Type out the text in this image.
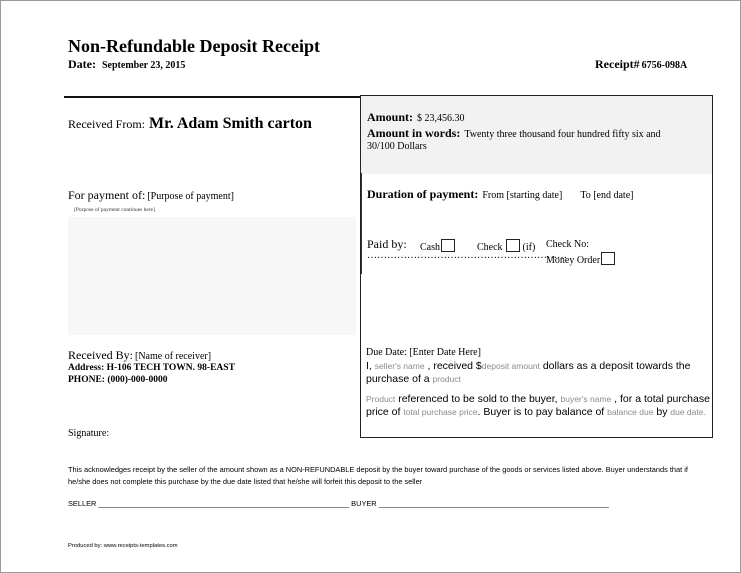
Non-Refundable Deposit Receipt
Date: September 23, 2015	Receipt# 6756-098A
Received From: Mr. Adam Smith carton	Amount: $ 23,456.30
Amount in words: Twenty three thousand four hundred fifty six and
30/100 Dollars
For payment of: [Purpose of payment]
[Purpose of payment continues here]
Duration of payment: From [starting date] To [end date]
Paid by: Cash	Check (if) Check No:
Money Order
……………………………………………………
Received By: [Name of receiver]
Address: H-106 TECH TOWN. 98-EAST
PHONE: (000)-000-0000
Signature:
Due Date: [Enter Date Here]
I, seller's name , received $deposit amount dollars as a deposit towards the purchase of a product
Product referenced to be sold to the buyer, buyer's name , for a total purchase price of total purchase price. Buyer is to pay balance of balance due by due date.
This acknowledges receipt by the seller of the amount shown as a NON-REFUNDABLE deposit by the buyer toward purchase of the goods or services listed above. Buyer understands that if he/she does not complete this purchase by the due date listed that he/she will forfeit this deposit to the seller
SELLER _____________________________________________________________ BUYER ________________________________________________________
Produced by: www.receipts-templates.com
